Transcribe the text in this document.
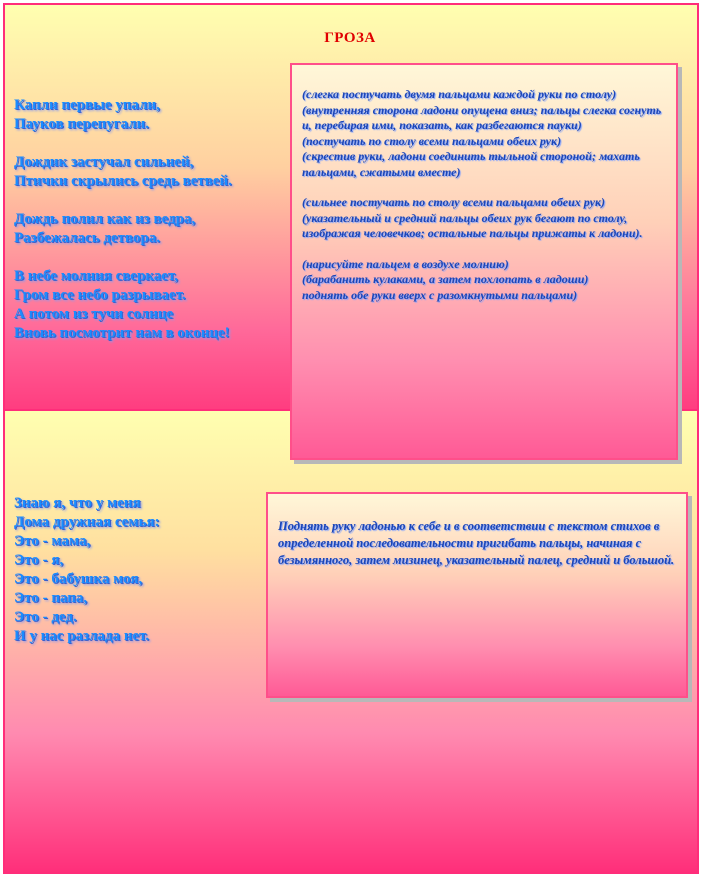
ГРОЗА
Капли первые упали,
Пауков перепугали.
Дождик застучал сильней,
Птички скрылись средь ветвей.
Дождь полил как из ведра,
Разбежалась детвора.
В небе молния сверкает,
Гром все небо разрывает.
А потом из тучи солнце
Вновь посмотрит нам в оконце!
(слегка постучать двумя пальцами каждой руки по столу)
(внутренняя сторона ладони опущена вниз; пальцы слегка согнуть и, перебирая ими, показать, как разбегаются пауки)
(постучать по столу всеми пальцами обеих рук)
(скрестив руки, ладони соединить тыльной стороной; махать пальцами, сжатыми вместе)
(сильнее постучать по столу всеми пальцами обеих рук)
(указательный и средний пальцы обеих рук бегают по столу, изображая человечков; остальные пальцы прижаты к ладони).
(нарисуйте пальцем в воздухе молнию)
(барабанить кулаками, а затем похлопать в ладоши)
поднять обе руки вверх с разомкнутыми пальцами)
Знаю я, что у меня
Дома дружная семья:
Это - мама,
Это - я,
Это - бабушка моя,
Это - папа,
Это - дед.
И у нас разлада нет.
Поднять руку ладонью к себе и в соответствии с текстом стихов в определенной последовательности пригибать пальцы, начиная с безымянного, затем мизинец, указательный палец, средний и большой.
